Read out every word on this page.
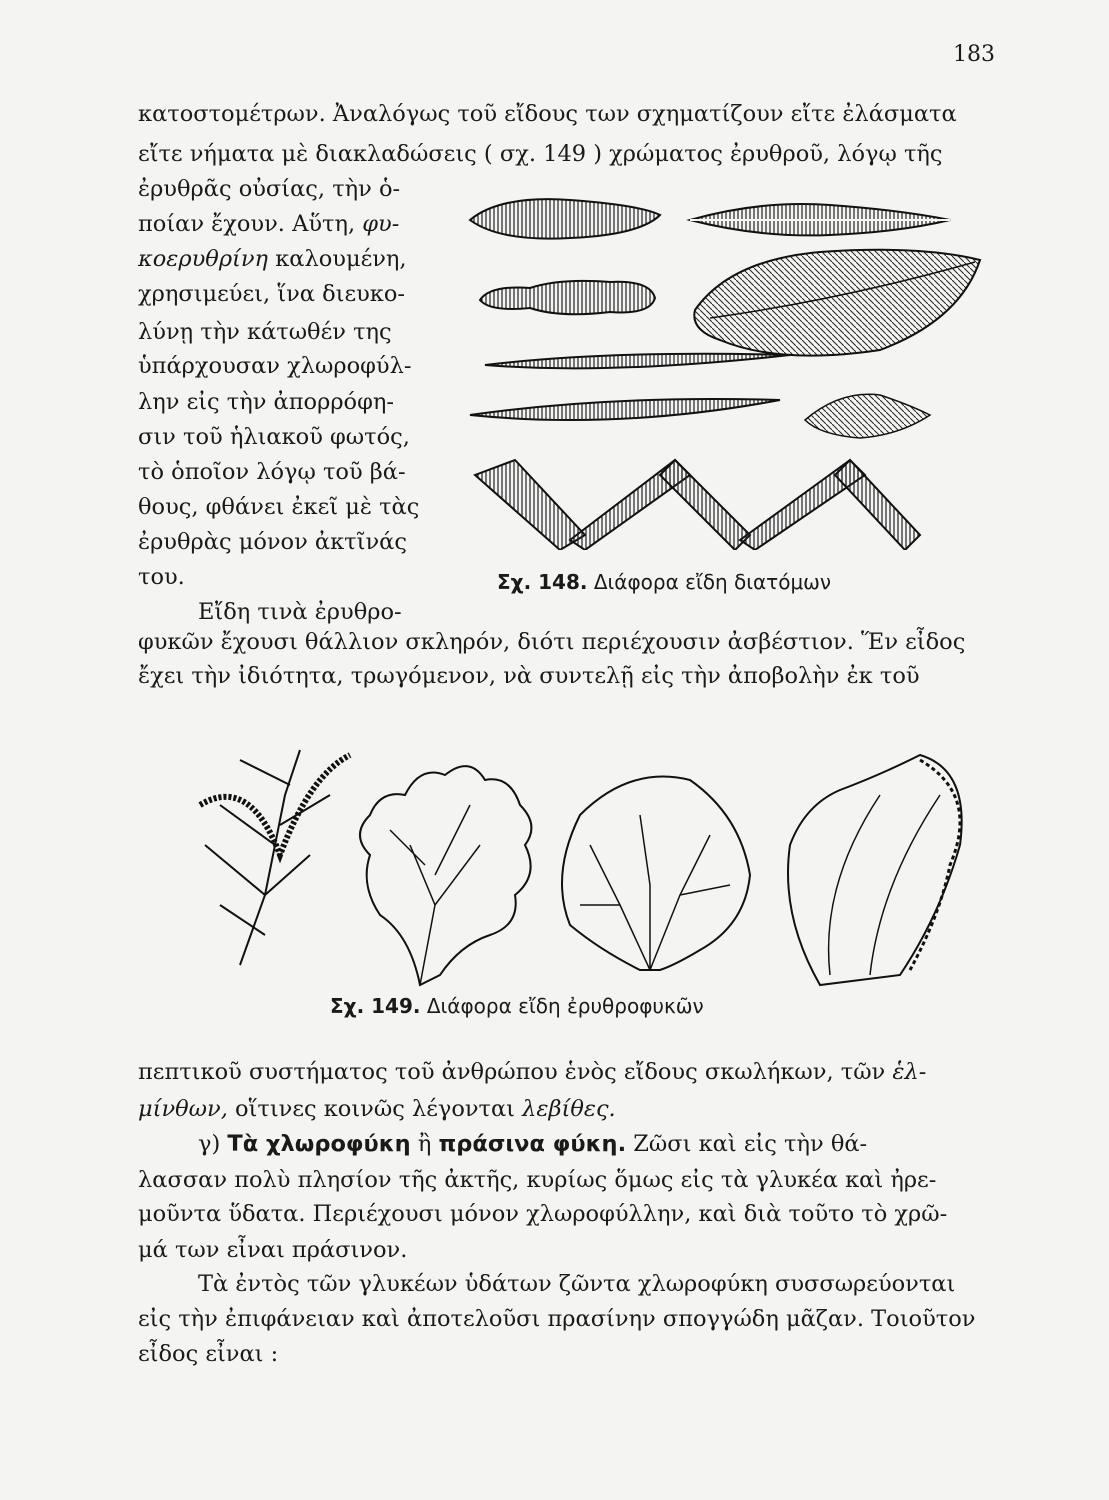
183
κατοστομέτρων. Ἀναλόγως τοῦ εἴδους των σχηματίζουν εἴτε ἐλάσματα
εἴτε νήματα μὲ διακλαδώσεις ( σχ. 149 ) χρώματος ἐρυθροῦ, λόγῳ τῆς
ἐρυθρᾶς οὐσίας, τὴν ὁ-
ποίαν ἔχουν. Αὕτη, φυ-
κοερυθρίνη καλουμένη,
χρησιμεύει, ἵνα διευκο-
λύνῃ τὴν κάτωθέν της
ὑπάρχουσαν χλωροφύλ-
λην εἰς τὴν ἀπορρόφη-
σιν τοῦ ἡλιακοῦ φωτός,
τὸ ὁποῖον λόγῳ τοῦ βά-
θους, φθάνει ἐκεῖ μὲ τὰς
ἐρυθρὰς μόνον ἀκτῖνάς
του.
Εἴδη τινὰ ἐρυθρο-
φυκῶν ἔχουσι θάλλιον σκληρόν, διότι περιέχουσιν ἀσβέστιον. Ἕν εἶδος
ἔχει τὴν ἰδιότητα, τρωγόμενον, νὰ συντελῇ εἰς τὴν ἀποβολὴν ἐκ τοῦ
Σχ. 148. Διάφορα εἴδη διατόμων
Σχ. 149. Διάφορα εἴδη ἐρυθροφυκῶν
πεπτικοῦ συστήματος τοῦ ἀνθρώπου ἑνὸς εἴδους σκωλήκων, τῶν ἑλ-
μίνθων, οἵτινες κοινῶς λέγονται λεβίθες.
γ) Τὰ χλωροφύκη ἢ πράσινα φύκη. Ζῶσι καὶ εἰς τὴν θά-
λασσαν πολὺ πλησίον τῆς ἀκτῆς, κυρίως ὅμως εἰς τὰ γλυκέα καὶ ἠρε-
μοῦντα ὕδατα. Περιέχουσι μόνον χλωροφύλλην, καὶ διὰ τοῦτο τὸ χρῶ-
μά των εἶναι πράσινον.
Τὰ ἐντὸς τῶν γλυκέων ὑδάτων ζῶντα χλωροφύκη συσσωρεύονται
εἰς τὴν ἐπιφάνειαν καὶ ἀποτελοῦσι πρασίνην σπογγώδη μᾶζαν. Τοιοῦτον
εἶδος εἶναι :
